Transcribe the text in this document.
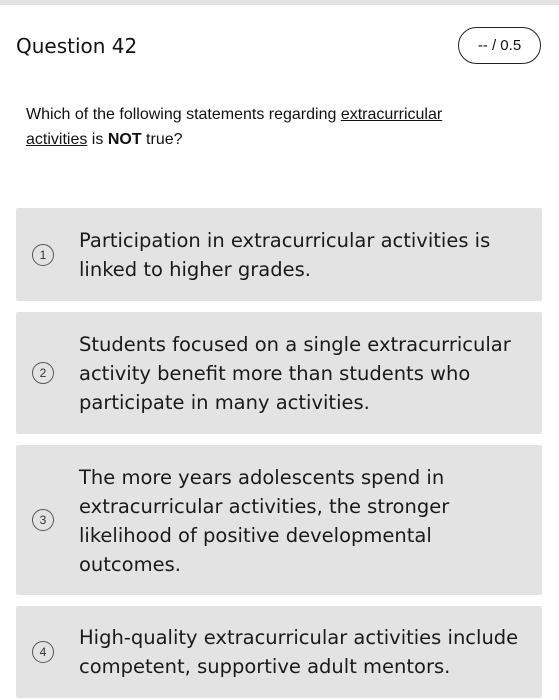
Question 42	-- / 0.5
Which of the following statements regarding extracurricular activities is NOT true?
1
Participation in extracurricular activities is linked to higher grades.
2
Students focused on a single extracurricular activity benefit more than students who participate in many activities.
3
The more years adolescents spend in extracurricular activities, the stronger likelihood of positive developmental outcomes.
4
High-quality extracurricular activities include competent, supportive adult mentors.
